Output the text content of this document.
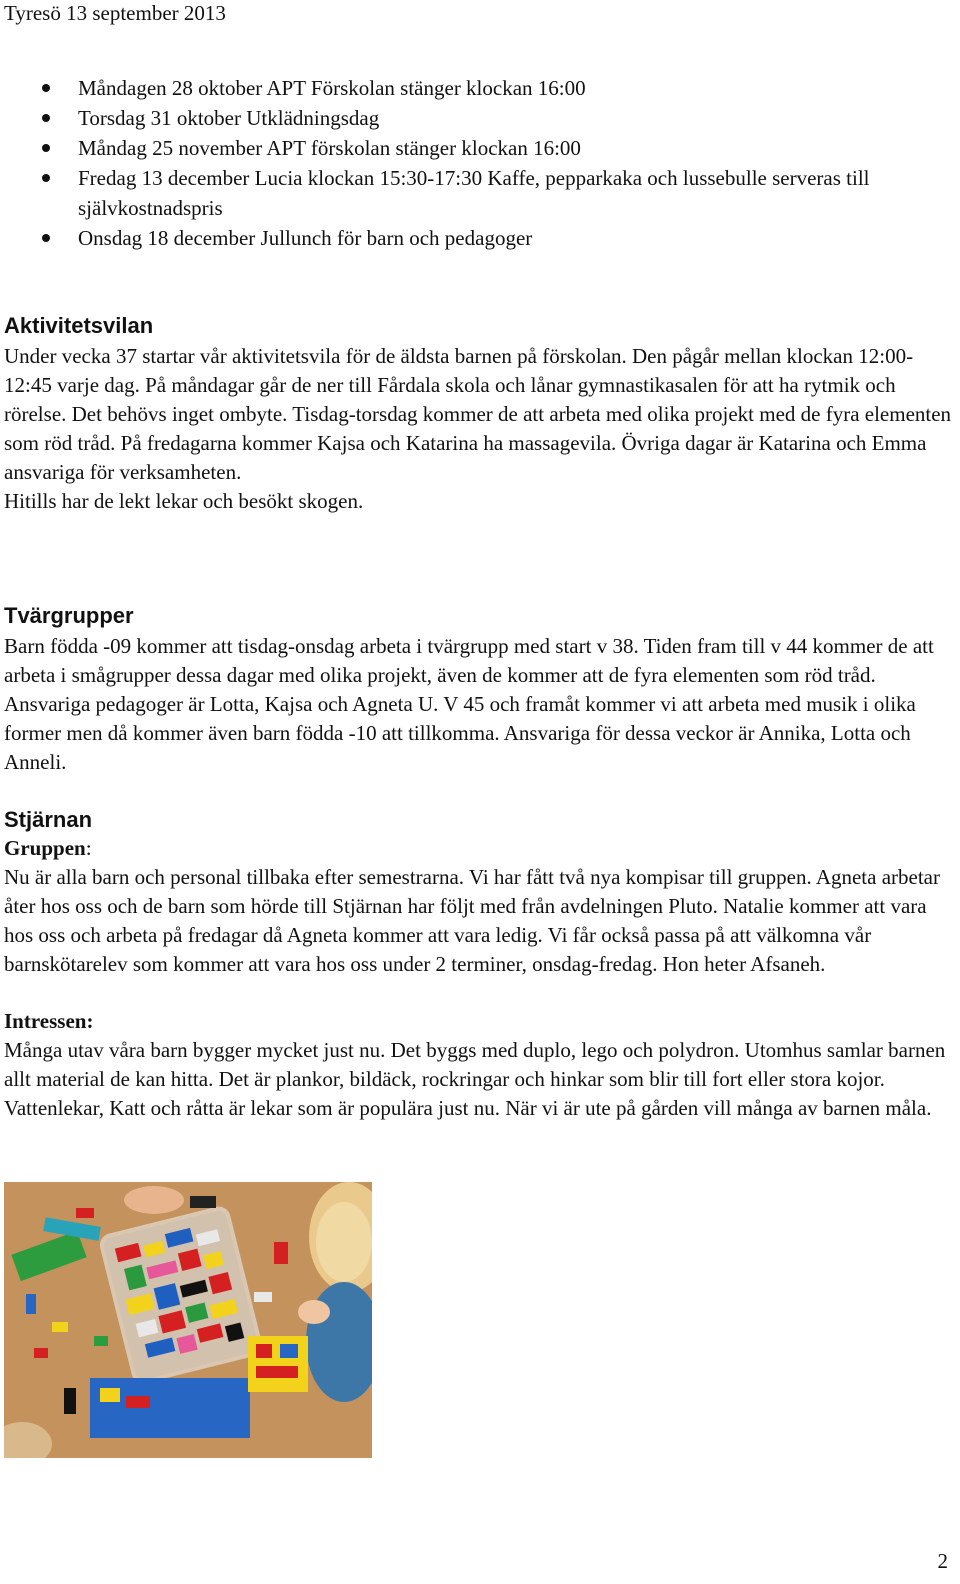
Tyresö 13 september 2013
Måndagen 28 oktober APT Förskolan stänger klockan 16:00
Torsdag 31 oktober Utklädningsdag
Måndag 25 november APT förskolan stänger klockan 16:00
Fredag 13 december Lucia klockan 15:30-17:30 Kaffe, pepparkaka och lussebulle serveras till självkostnadspris
Onsdag 18 december Jullunch för barn och pedagoger
Aktivitetsvilan

Under vecka 37 startar vår aktivitetsvila för de äldsta barnen på förskolan. Den pågår mellan klockan 12:00-12:45 varje dag. På måndagar går de ner till Fårdala skola och lånar gymnastikasalen för att ha rytmik och rörelse. Det behövs inget ombyte. Tisdag-torsdag kommer de att arbeta med olika projekt med de fyra elementen som röd tråd. På fredagarna kommer Kajsa och Katarina ha massagevila. Övriga dagar är Katarina och Emma ansvariga för verksamheten.

Hitills har de lekt lekar och besökt skogen.

Tvärgrupper

Barn födda -09 kommer att tisdag-onsdag arbeta i tvärgrupp med start v 38. Tiden fram till v 44 kommer de att arbeta i smågrupper dessa dagar med olika projekt, även de kommer att de fyra elementen som röd tråd. Ansvariga pedagoger är Lotta, Kajsa och Agneta U. V 45 och framåt kommer vi att arbeta med musik i olika former men då kommer även barn födda -10 att tillkomma. Ansvariga för dessa veckor är Annika, Lotta och Anneli.

Stjärnan

Gruppen:

Nu är alla barn och personal tillbaka efter semestrarna. Vi har fått två nya kompisar till gruppen. Agneta arbetar åter hos oss och de barn som hörde till Stjärnan har följt med från avdelningen Pluto. Natalie kommer att vara hos oss och arbeta på fredagar då Agneta kommer att vara ledig. Vi får också passa på att välkomna vår barnskötarelev som kommer att vara hos oss under 2 terminer, onsdag-fredag. Hon heter Afsaneh.

Intressen:

Många utav våra barn bygger mycket just nu. Det byggs med duplo, lego och polydron. Utomhus samlar barnen allt material de kan hitta. Det är plankor, bildäck, rockringar och hinkar som blir till fort eller stora kojor. Vattenlekar, Katt och råtta är lekar som är populära just nu. När vi är ute på gården vill många av barnen måla.

2
